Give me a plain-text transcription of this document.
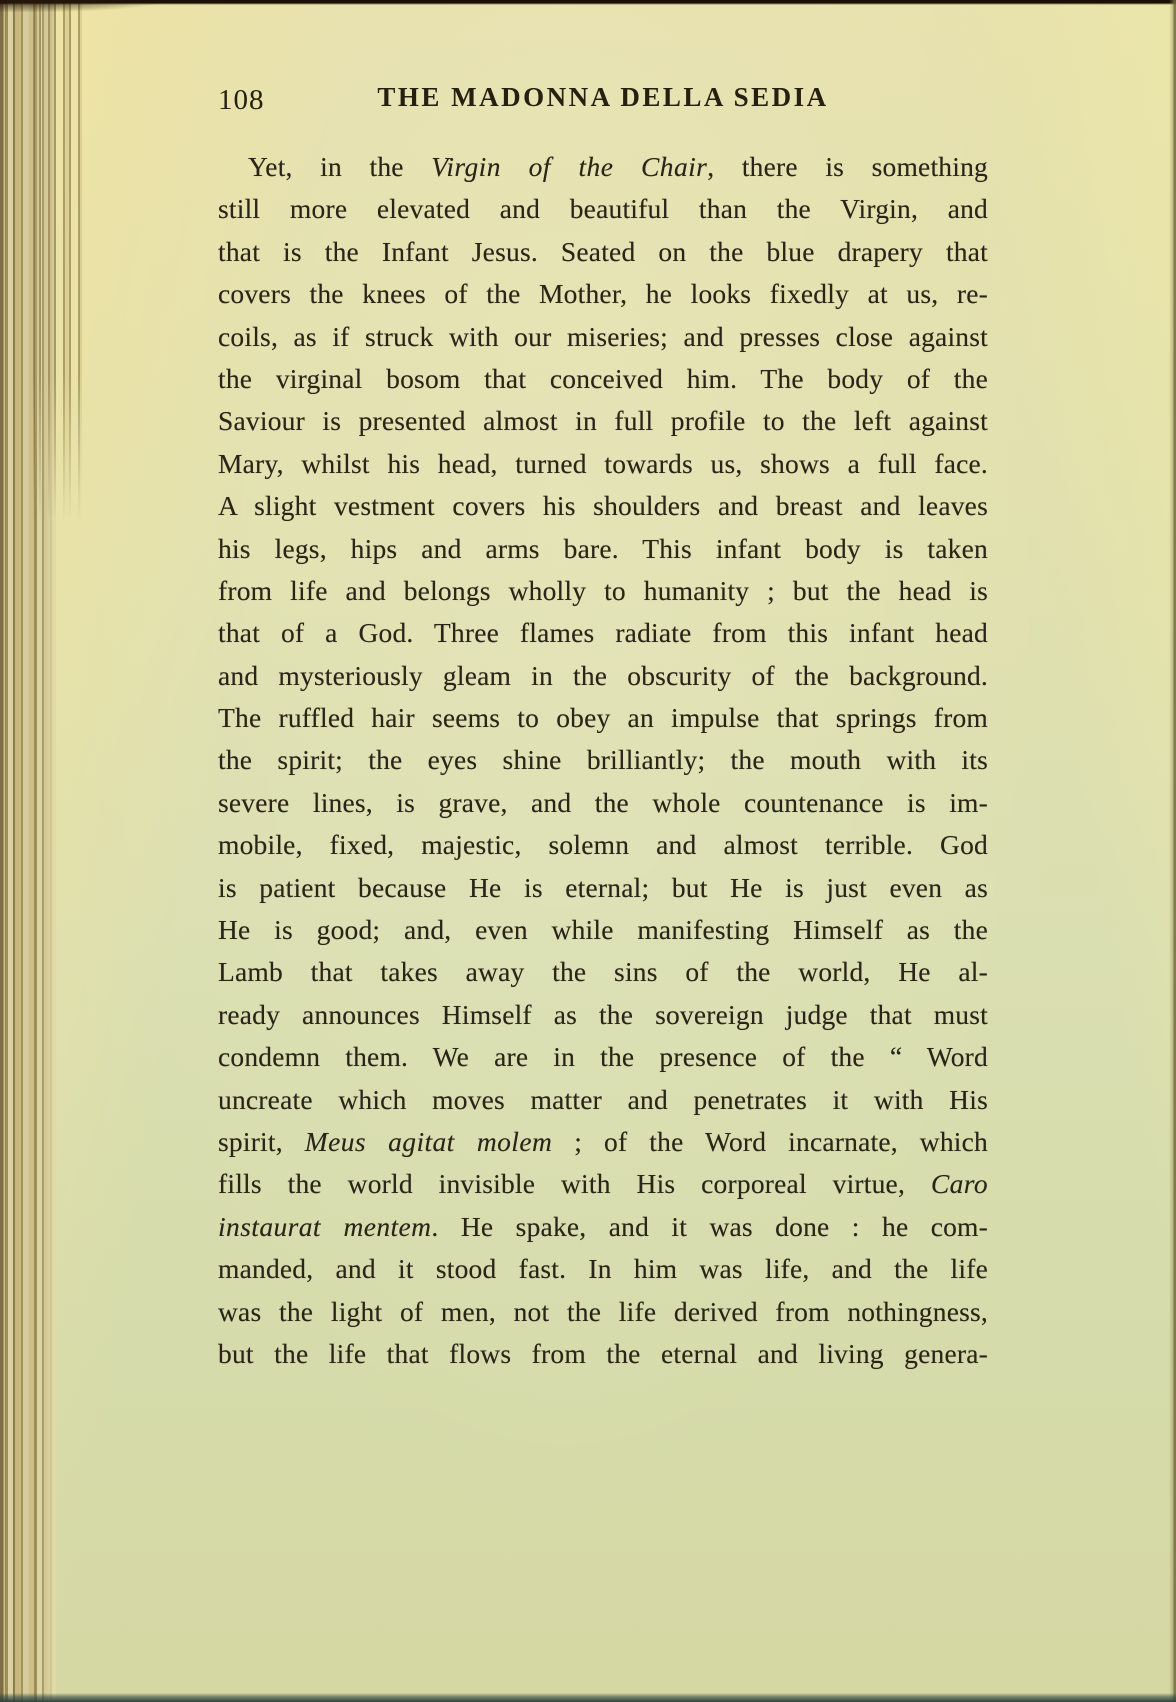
108	THE MADONNA DELLA SEDIA
Yet, in the Virgin of the Chair, there is something
still more elevated and beautiful than the Virgin, and
that is the Infant Jesus. Seated on the blue drapery that
covers the knees of the Mother, he looks fixedly at us, re-
coils, as if struck with our miseries; and presses close against
the virginal bosom that conceived him. The body of the
Saviour is presented almost in full profile to the left against
Mary, whilst his head, turned towards us, shows a full face.
A slight vestment covers his shoulders and breast and leaves
his legs, hips and arms bare. This infant body is taken
from life and belongs wholly to humanity ; but the head is
that of a God. Three flames radiate from this infant head
and mysteriously gleam in the obscurity of the background.
The ruffled hair seems to obey an impulse that springs from
the spirit; the eyes shine brilliantly; the mouth with its
severe lines, is grave, and the whole countenance is im-
mobile, fixed, majestic, solemn and almost terrible. God
is patient because He is eternal; but He is just even as
He is good; and, even while manifesting Himself as the
Lamb that takes away the sins of the world, He al-
ready announces Himself as the sovereign judge that must
condemn them. We are in the presence of the “ Word
uncreate which moves matter and penetrates it with His
spirit, Meus agitat molem ; of the Word incarnate, which
fills the world invisible with His corporeal virtue, Caro
instaurat mentem. He spake, and it was done : he com-
manded, and it stood fast. In him was life, and the life
was the light of men, not the life derived from nothingness,
but the life that flows from the eternal and living genera-
